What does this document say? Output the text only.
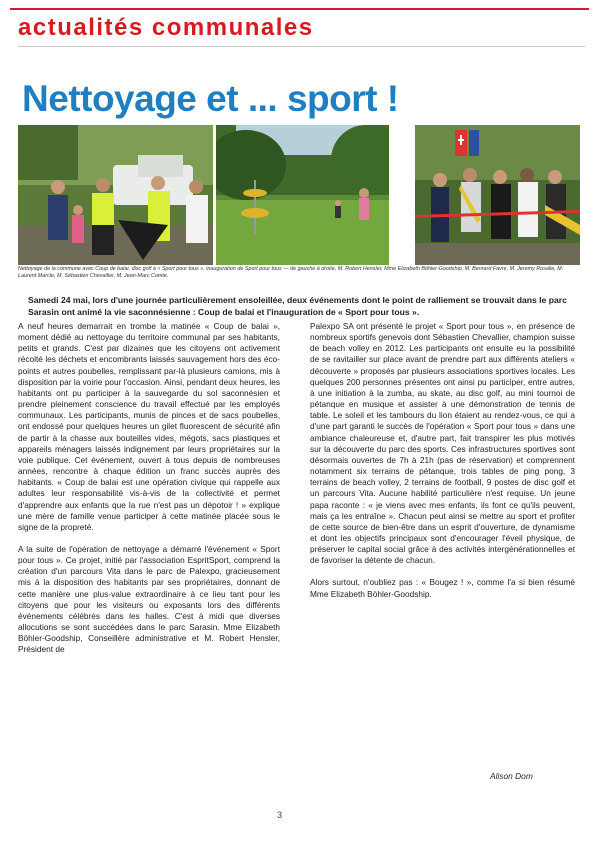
actualités communales
Nettoyage et ... sport !
Nettoyage de la commune avec Coup de balai, disc golf à « Sport pour tous », inauguration de Sport pour tous — de gauche à droite, M. Robert Hensler, Mme Elizabeth Böhler-Goodship, M. Bernard Favre, M. Jeremy Rosalie, M. Laurent Marcle, M. Sébastien Chevallier, M. Jean-Marc Comte.
Samedi 24 mai, lors d'une journée particulièrement ensoleillée, deux événements dont le point de ralliement se trouvait dans le parc Sarasin ont animé la vie saconnésienne : Coup de balai et l'inauguration de « Sport pour tous ».

A neuf heures demarrait en trombe la matinée « Coup de balai », moment dédié au nettoyage du territoire communal par ses habitants, petits et grands. C'est par dizaines que les citoyens ont activement récolté les déchets et encombrants laissés sauvagement hors des éco-points et autres poubelles, remplissant par-là plusieurs camions, mis à disposition par la voirie pour l'occasion. Ainsi, pendant deux heures, les habitants ont pu participer à la sauvegarde du sol saconnésien et prendre pleinement conscience du travail effectué par les employés communaux. Les participants, munis de pinces et de sacs poubelles, ont endossé pour quelques heures un gilet fluorescent de sécurité afin de partir à la chasse aux bouteilles vides, mégots, sacs plastiques et appareils ménagers laissés indignement par leurs propriétaires sur la voie publique. Cet événement, ouvert à tous depuis de nombreuses années, rencontre à chaque édition un franc succès auprès des habitants. « Coup de balai est une opération civique qui rappelle aux adultes leur responsabilité vis-à-vis de la collectivité et permet d'apprendre aux enfants que la rue n'est pas un dépotoir ! » explique une mère de famille venue participer à cette matinée placée sous le signe de la propreté.

A la suite de l'opération de nettoyage a démarré l'événement « Sport pour tous ». Ce projet, initié par l'association EspritSport, comprend la création d'un parcours Vita dans le parc de Palexpo, gracieusement mis à la disposition des habitants par ses propriétaires, donnant de cette manière une plus-value extraordinaire à ce lieu tant pour les citoyens que pour les visiteurs ou exposants lors des différents événements célébrés dans les halles. C'est à midi que diverses allocutions se sont succédées dans le parc Sarasin. Mme Elizabeth Böhler-Goodship, Conseillère administrative et M. Robert Hensler, Président de

Palexpo SA ont présenté le projet « Sport pour tous », en présence de nombreux sportifs genevois dont Sébastien Chevallier, champion suisse de beach volley en 2012. Les participants ont ensuite eu la possibilité de se ravitailler sur place avant de prendre part aux différents ateliers « découverte » proposés par plusieurs associations sportives locales. Les quelques 200 personnes présentes ont ainsi pu participer, entre autres, à une initiation à la zumba, au skate, au disc golf, au mini tournoi de pétanque en musique et assister à une démonstration de tennis de table. Le soleil et les tambours du lion étaient au rendez-vous, ce qui a d'une part garanti le succès de l'opération « Sport pour tous » dans une ambiance chaleureuse et, d'autre part, fait transpirer les plus motivés sur la découverte du parc des sports. Ces infrastructures sportives sont désormais ouvertes de 7h à 21h (pas de réservation) et comprennent notamment six terrains de pétanque, trois tables de ping pong, 3 terrains de beach volley, 2 terrains de football, 9 postes de disc golf et un parcours Vita. Aucune habilité particulière n'est requise. Un jeune papa raconte : « je viens avec mes enfants, ils font ce qu'ils peuvent, mais ça les entraîne ». Chacun peut ainsi se mettre au sport et profiter de cette source de bien-être dans un esprit d'ouverture, de dynamisme et dont les objectifs principaux sont d'encourager l'éveil physique, de préserver le capital social grâce à des activités intergénérationnelles et de favoriser la détente de chacun.

Alors surtout, n'oubliez pas : « Bougez ! », comme l'a si bien résumé Mme Elizabeth Böhler-Goodship.

Alison Dom
3
